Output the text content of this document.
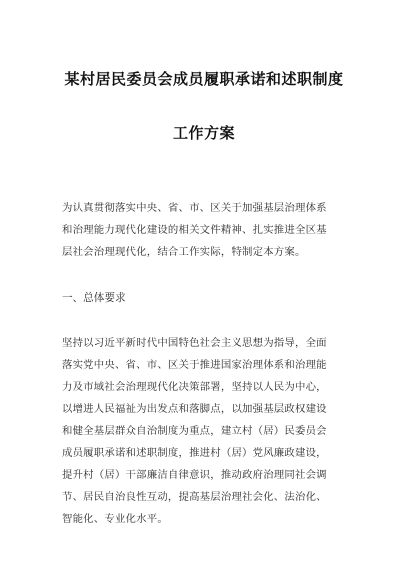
某村居民委员会成员履职承诺和述职制度
工作方案
为认真贯彻落实中央、省、市、区关于加强基层治理体系
和治理能力现代化建设的相关文件精神、扎实推进全区基
层社会治理现代化，结合工作实际，特制定本方案。
一、总体要求
坚持以习近平新时代中国特色社会主义思想为指导，全面
落实党中央、省、市、区关于推进国家治理体系和治理能
力及市域社会治理现代化决策部署，坚持以人民为中心，
以增进人民福祉为出发点和落脚点，以加强基层政权建设
和健全基层群众自治制度为重点，建立村（居）民委员会
成员履职承诺和述职制度，推进村（居）党风廉政建设，
提升村（居）干部廉洁自律意识，推动政府治理同社会调
节、居民自治良性互动，提高基层治理社会化、法治化、
智能化、专业化水平。
